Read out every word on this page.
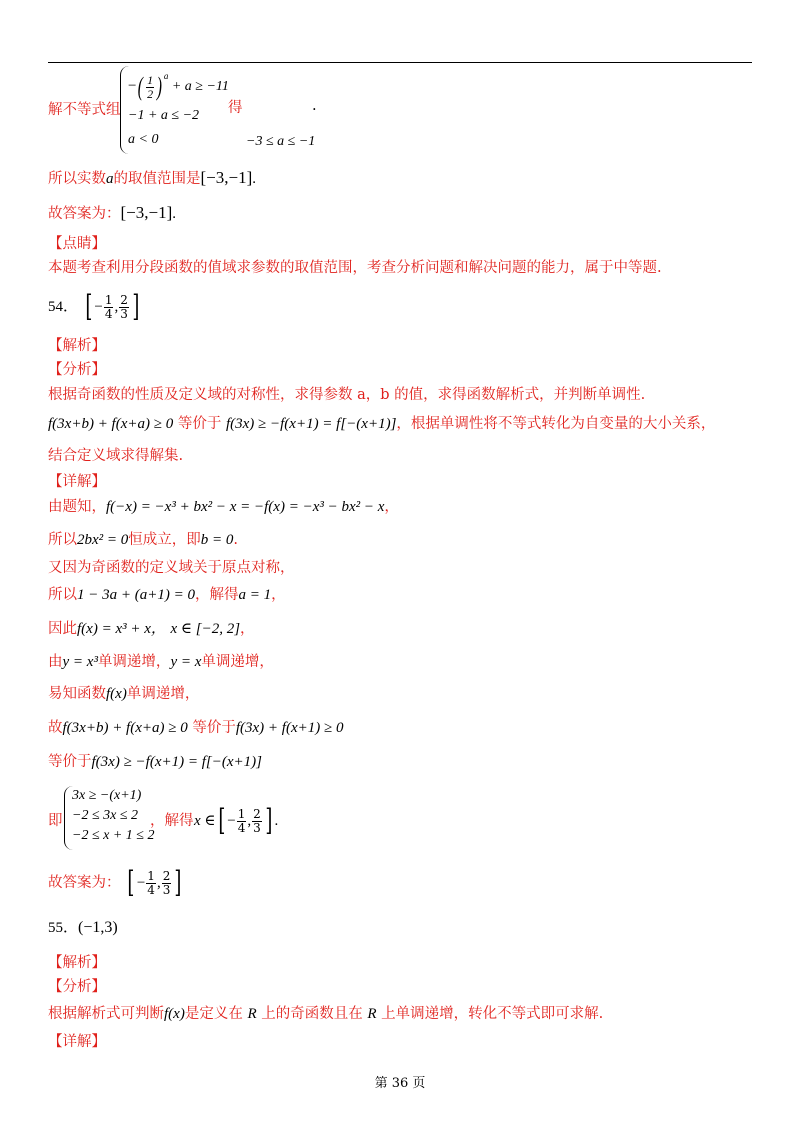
解不等式组
−( $\frac{1}{2}$ ) $^a$ + a ≥ −11
−1 + a ≤ −2
a < 0
得	.
−3 ≤ a ≤ −1
所以实数a的取值范围是[−3,−1].
故答案为：[−3,−1].
【点睛】
本题考查利用分段函数的值域求参数的取值范围，考查分析问题和解决问题的能力，属于中等题.
54． [ − $\frac{1}{4}$ , $\frac{2}{3}$ ]
【解析】
【分析】
根据奇函数的性质及定义域的对称性，求得参数 a，b 的值，求得函数解析式，并判断单调性.
f(3x+b) + f(x+a) ≥ 0 等价于 f(3x) ≥ −f(x+1) = f[−(x+1)]，根据单调性将不等式转化为自变量的大小关系，
结合定义域求得解集.
【详解】
由题知，f(−x) = −x³ + bx² − x = −f(x) = −x³ − bx² − x，
所以2bx² = 0恒成立，即b = 0.
又因为奇函数的定义域关于原点对称，
所以1 − 3a + (a+1) = 0，解得a = 1，
因此f(x) = x³ + x， x ∈ [−2, 2]，
由y = x³单调递增，y = x单调递增，
易知函数f(x)单调递增，
故f(3x+b) + f(x+a) ≥ 0 等价于f(3x) + f(x+1) ≥ 0
等价于f(3x) ≥ −f(x+1) = f[−(x+1)]
即
3x ≥ −(x+1)
−2 ≤ 3x ≤ 2
−2 ≤ x + 1 ≤ 2
，解得 x ∈[ − $\frac{1}{4}$ , $\frac{2}{3}$ ] .
故答案为： [ − $\frac{1}{4}$ , $\frac{2}{3}$ ]
55．(−1,3)
【解析】
【分析】
根据解析式可判断f(x)是定义在 R 上的奇函数且在 R 上单调递增，转化不等式即可求解.
【详解】
第 36 页
